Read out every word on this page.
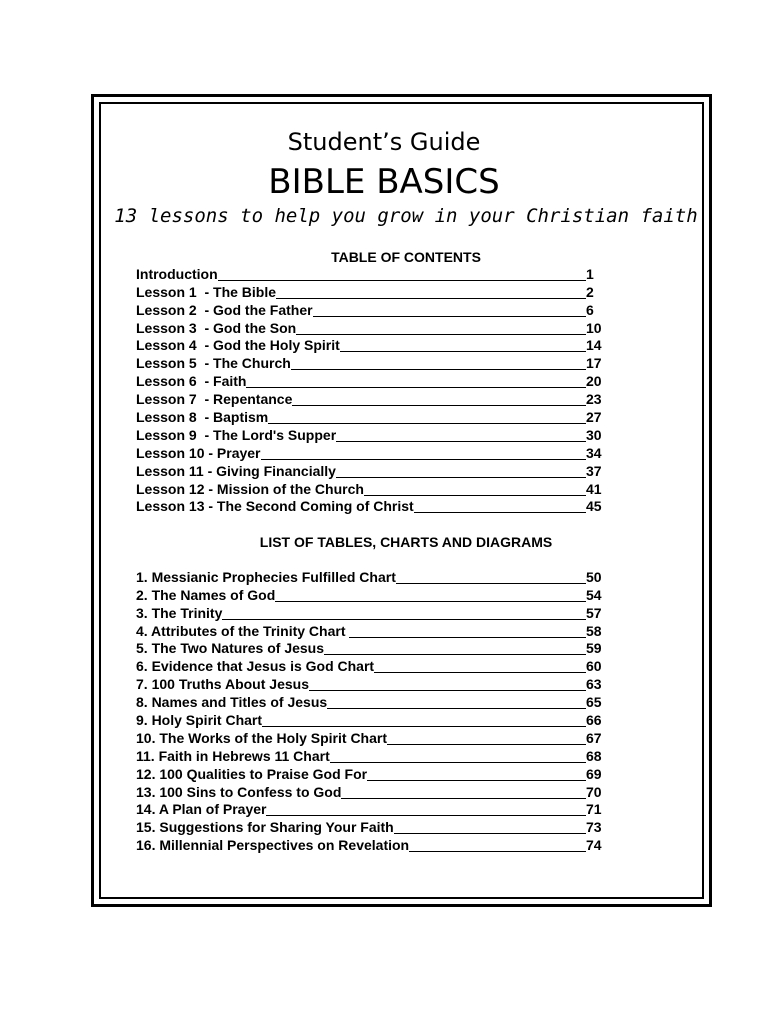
Student’s Guide
BIBLE BASICS
13 lessons to help you grow in your Christian faith
TABLE OF CONTENTS
Introduction	1
Lesson 1  - The Bible	2
Lesson 2  - God the Father	6
Lesson 3  - God the Son	10
Lesson 4  - God the Holy Spirit	14
Lesson 5  - The Church	17
Lesson 6  - Faith	20
Lesson 7  - Repentance	23
Lesson 8  - Baptism	27
Lesson 9  - The Lord's Supper	30
Lesson 10 - Prayer	34
Lesson 11 - Giving Financially	37
Lesson 12 - Mission of the Church	41
Lesson 13 - The Second Coming of Christ	45
LIST OF TABLES, CHARTS AND DIAGRAMS
1. Messianic Prophecies Fulfilled Chart	50
2. The Names of God	54
3. The Trinity	57
4. Attributes of the Trinity Chart	58
5. The Two Natures of Jesus	59
6. Evidence that Jesus is God Chart	60
7. 100 Truths About Jesus	63
8. Names and Titles of Jesus	65
9. Holy Spirit Chart	66
10. The Works of the Holy Spirit Chart	67
11. Faith in Hebrews 11 Chart	68
12. 100 Qualities to Praise God For	69
13. 100 Sins to Confess to God	70
14. A Plan of Prayer	71
15. Suggestions for Sharing Your Faith	73
16. Millennial Perspectives on Revelation	74
